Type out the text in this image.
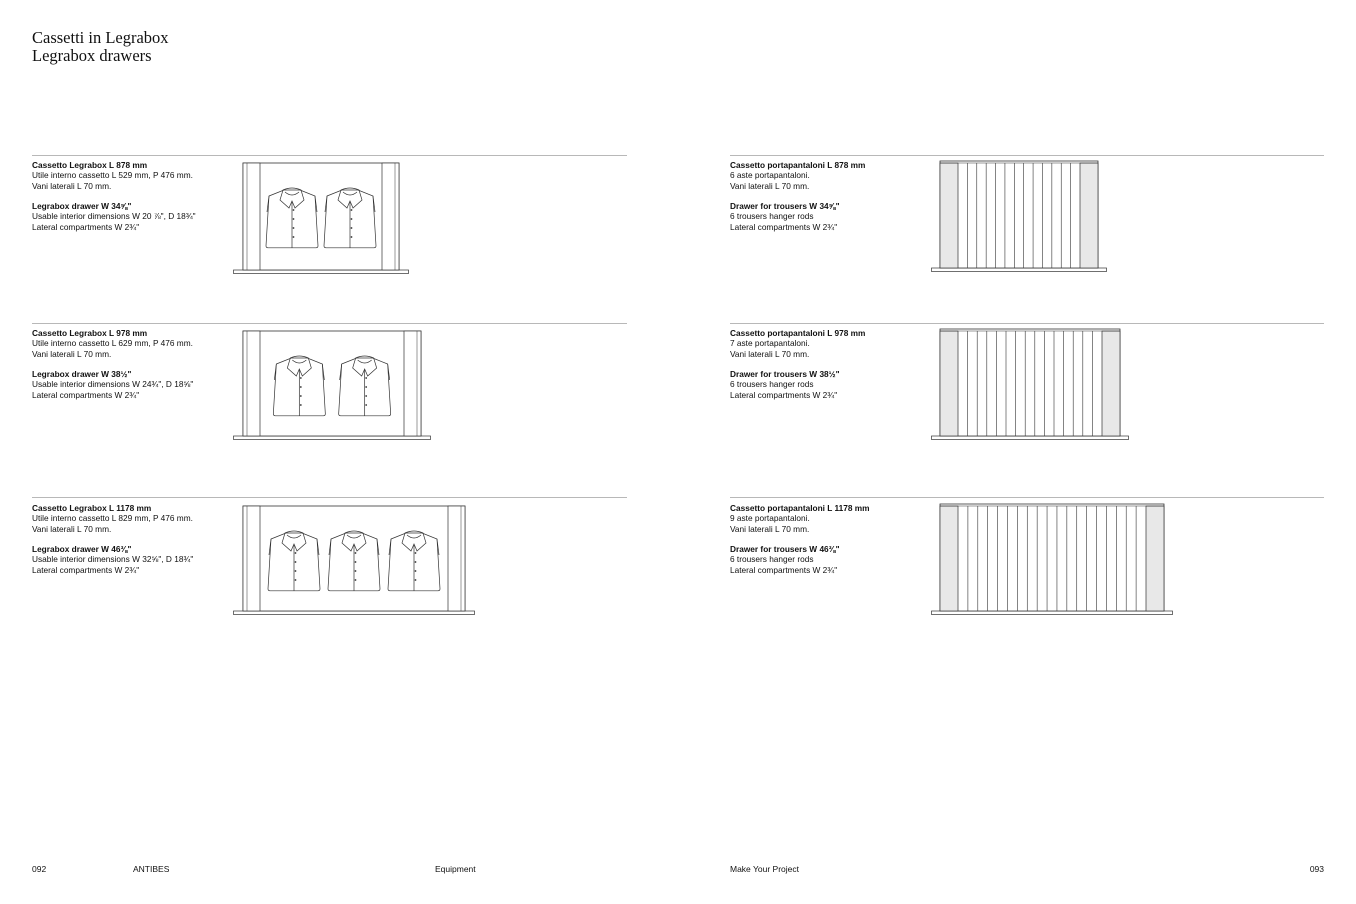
Cassetti in Legrabox
Legrabox drawers
Cassetto Legrabox L 878 mm
Utile interno cassetto L 529 mm, P 476 mm.
Vani laterali L 70 mm.
Legrabox drawer W 34⅝"
Usable interior dimensions W 20 ⅞", D 18¾"
Lateral compartments W 2¾"
Cassetto Legrabox L 978 mm
Utile interno cassetto L 629 mm, P 476 mm.
Vani laterali L 70 mm.
Legrabox drawer W 38½"
Usable interior dimensions W 24¾", D 18⅝"
Lateral compartments W 2¾"
Cassetto Legrabox L 1178 mm
Utile interno cassetto L 829 mm, P 476 mm.
Vani laterali L 70 mm.
Legrabox drawer W 46⅜"
Usable interior dimensions W 32⅝", D 18¾"
Lateral compartments W 2¾"
Cassetto portapantaloni L 878 mm
6 aste portapantaloni.
Vani laterali L 70 mm.
Drawer for trousers W 34⅝"
6 trousers hanger rods
Lateral compartments W 2¾"
Cassetto portapantaloni L 978 mm
7 aste portapantaloni.
Vani laterali L 70 mm.
Drawer for trousers W 38½"
6 trousers hanger rods
Lateral compartments W 2¾"
Cassetto portapantaloni L 1178 mm
9 aste portapantaloni.
Vani laterali L 70 mm.
Drawer for trousers W 46⅜"
6 trousers hanger rods
Lateral compartments W 2¾"
092	ANTIBES	Equipment	Make Your Project	093
